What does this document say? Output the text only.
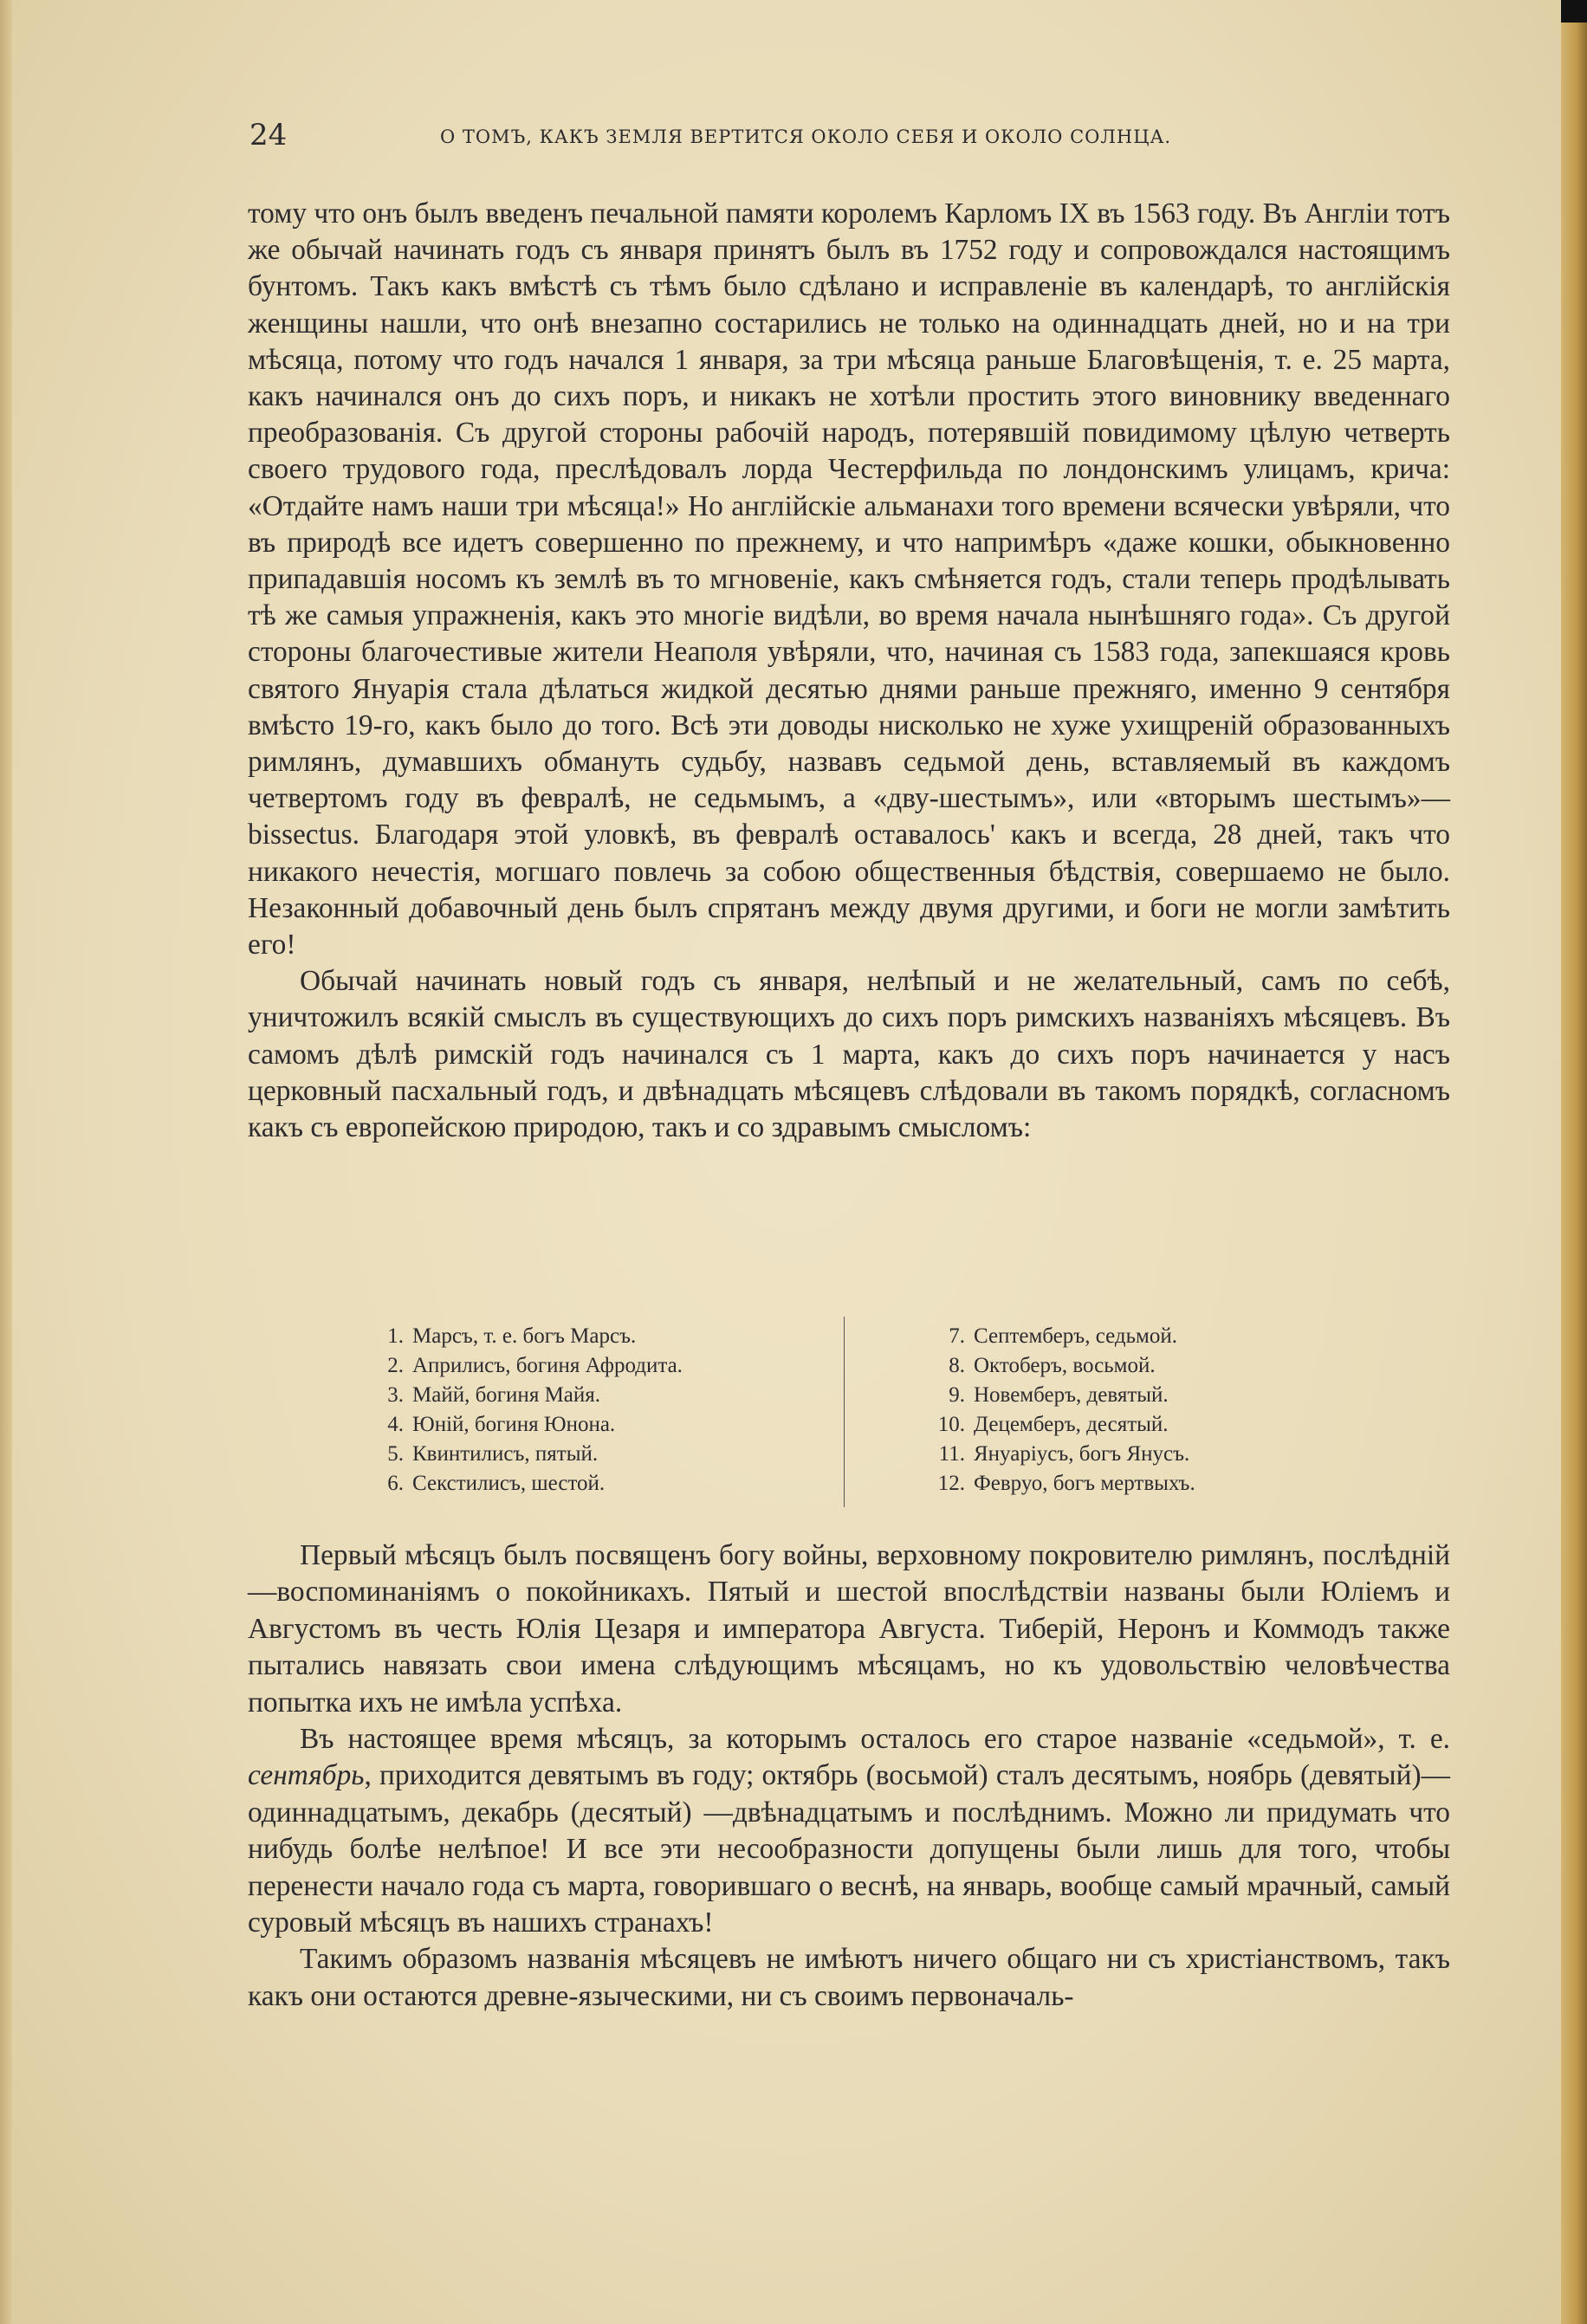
24	О ТОМЪ, КАКЪ ЗЕМЛЯ ВЕРТИТСЯ ОКОЛО СЕБЯ И ОКОЛО СОЛНЦА.

тому что онъ былъ введенъ печальной памяти королемъ Карломъ IX въ 1563 году. Въ Англіи тотъ же обычай начинать годъ съ января принятъ былъ въ 1752 году и сопровождался настоящимъ бунтомъ. Такъ какъ вмѣстѣ съ тѣмъ было сдѣлано и исправленіе въ календарѣ, то англійскія женщины нашли, что онѣ внезапно состарились не только на одиннадцать дней, но и на три мѣсяца, потому что годъ начался 1 января, за три мѣсяца раньше Благовѣщенія, т. е. 25 марта, какъ начинался онъ до сихъ поръ, и никакъ не хотѣли простить этого виновнику введеннаго преобразованія. Съ другой стороны рабочій народъ, потерявшій повидимому цѣлую четверть своего трудового года, преслѣдовалъ лорда Честерфильда по лондонскимъ улицамъ, крича: «Отдайте намъ наши три мѣсяца!» Но англійскіе альманахи того времени всячески увѣряли, что въ природѣ все идетъ совершенно по прежнему, и что напримѣръ «даже кошки, обыкновенно припадавшія носомъ къ землѣ въ то мгновеніе, какъ смѣняется годъ, стали теперь продѣлывать тѣ же самыя упражненія, какъ это многіе видѣли, во время начала нынѣшняго года». Съ другой стороны благочестивые жители Неаполя увѣряли, что, начиная съ 1583 года, запекшаяся кровь святого Януарія стала дѣлаться жидкой десятью днями раньше прежняго, именно 9 сентября вмѣсто 19-го, какъ было до того. Всѣ эти доводы нисколько не хуже ухищреній образованныхъ римлянъ, думавшихъ обмануть судьбу, назвавъ седьмой день, вставляемый въ каждомъ четвертомъ году въ февралѣ, не седьмымъ, а «дву-шестымъ», или «вторымъ шестымъ»—bissectus. Благодаря этой уловкѣ, въ февралѣ оставалось' какъ и всегда, 28 дней, такъ что никакого нечестія, могшаго повлечь за собою общественныя бѣдствія, совершаемо не было. Незаконный добавочный день былъ спрятанъ между двумя другими, и боги не могли замѣтить его!

Обычай начинать новый годъ съ января, нелѣпый и не желательный, самъ по себѣ, уничтожилъ всякій смыслъ въ существующихъ до сихъ поръ римскихъ названіяхъ мѣсяцевъ. Въ самомъ дѣлѣ римскій годъ начинался съ 1 марта, какъ до сихъ поръ начинается у насъ церковный пасхальный годъ, и двѣнадцать мѣсяцевъ слѣдовали въ такомъ порядкѣ, согласномъ какъ съ европейскою природою, такъ и со здравымъ смысломъ:

1. Марсъ, т. е. богъ Марсъ.
2. Априлисъ, богиня Афродита.
3. Майй, богиня Майя.
4. Юній, богиня Юнона.
5. Квинтилисъ, пятый.
6. Секстилисъ, шестой.
7. Септемберъ, седьмой.
8. Октоберъ, восьмой.
9. Новемберъ, девятый.
10. Децемберъ, десятый.
11. Януаріусъ, богъ Янусъ.
12. Февруо, богъ мертвыхъ.

Первый мѣсяцъ былъ посвященъ богу войны, верховному покровителю римлянъ, послѣдній—воспоминаніямъ о покойникахъ. Пятый и шестой впослѣдствіи названы были Юліемъ и Августомъ въ честь Юлія Цезаря и императора Августа. Тиберій, Неронъ и Коммодъ также пытались навязать свои имена слѣдующимъ мѣсяцамъ, но къ удовольствію человѣчества попытка ихъ не имѣла успѣха.

Въ настоящее время мѣсяцъ, за которымъ осталось его старое названіе «седьмой», т. е. сентябрь, приходится девятымъ въ году; октябрь (восьмой) сталъ десятымъ, ноябрь (девятый)—одиннадцатымъ, декабрь (десятый) —двѣнадцатымъ и послѣднимъ. Можно ли придумать что нибудь болѣе нелѣпое! И все эти несообразности допущены были лишь для того, чтобы перенести начало года съ марта, говорившаго о веснѣ, на январь, вообще самый мрачный, самый суровый мѣсяцъ въ нашихъ странахъ!

Такимъ образомъ названія мѣсяцевъ не имѣютъ ничего общаго ни съ христіанствомъ, такъ какъ они остаются древне-языческими, ни съ своимъ первоначаль-
